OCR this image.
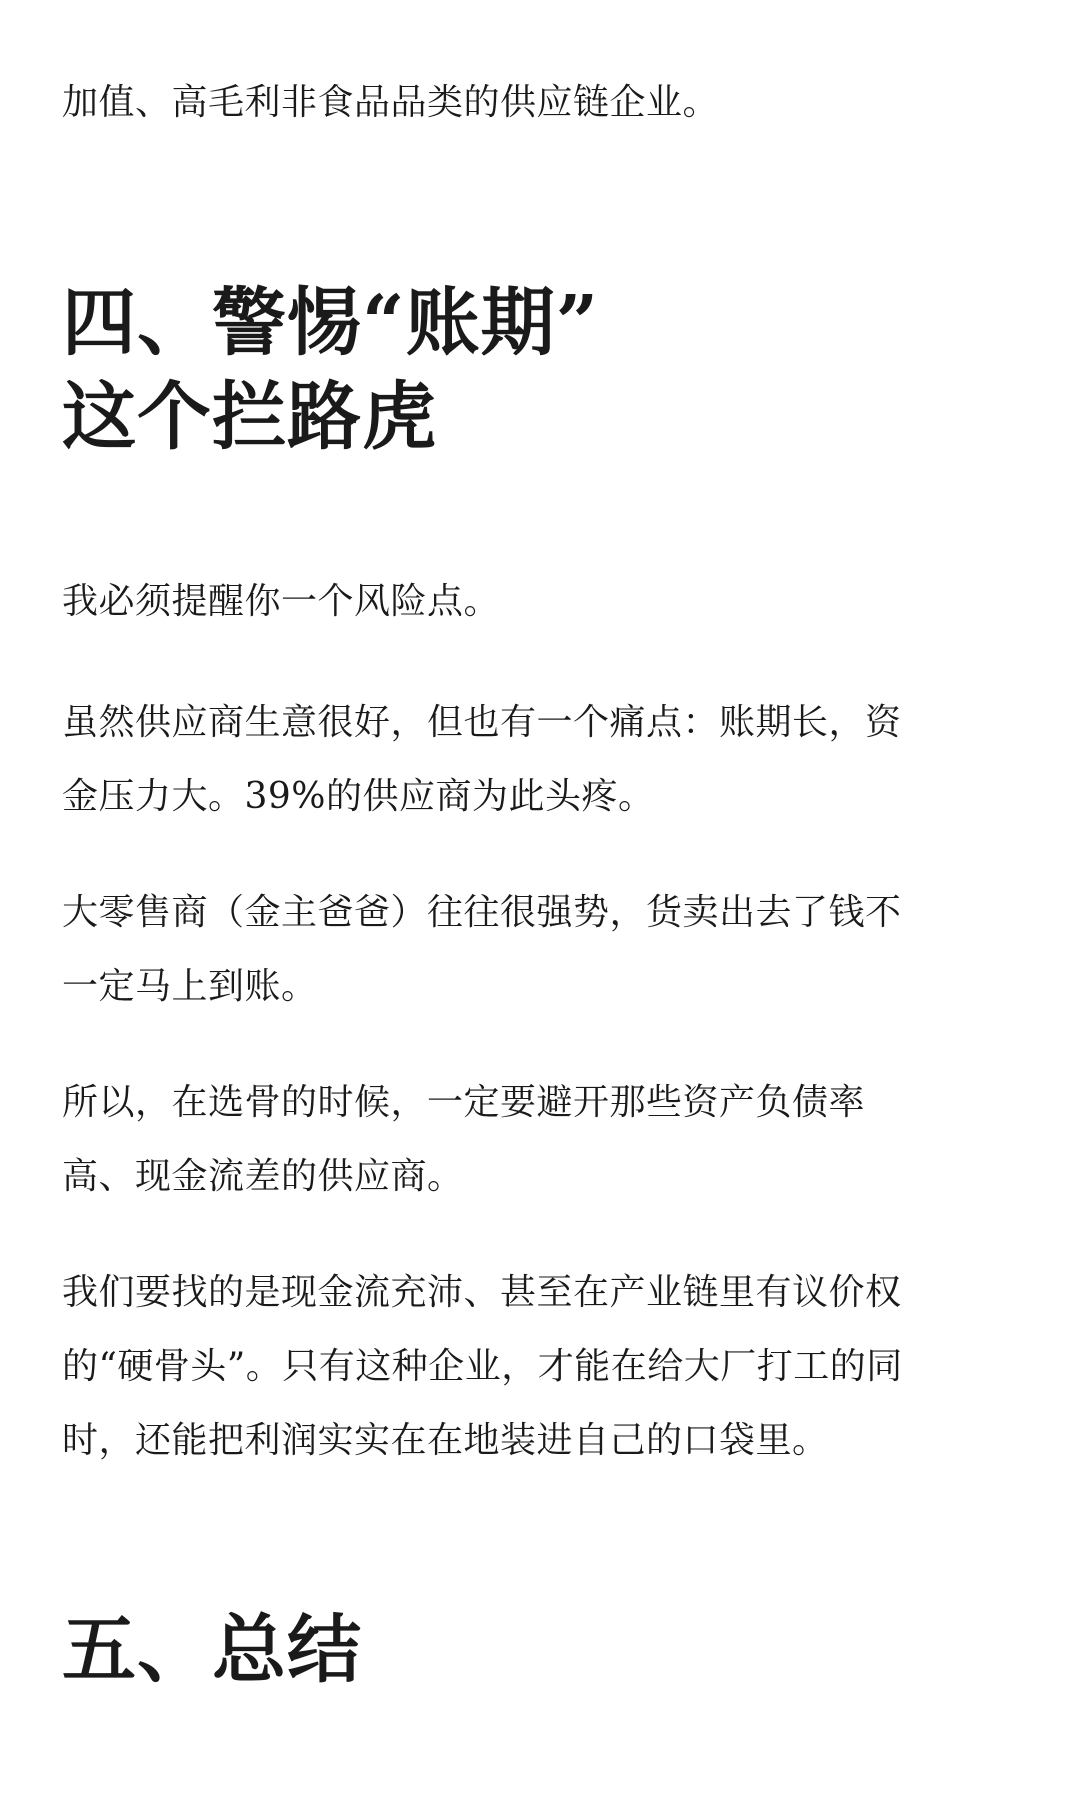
加值、高毛利非食品品类的供应链企业。

四、警惕“账期”
这个拦路虎

我必须提醒你一个风险点。

虽然供应商生意很好，但也有一个痛点：账期长，资
金压力大。39%的供应商为此头疼。

大零售商（金主爸爸）往往很强势，货卖出去了钱不
一定马上到账。

所以，在选骨的时候，一定要避开那些资产负债率
高、现金流差的供应商。

我们要找的是现金流充沛、甚至在产业链里有议价权
的“硬骨头”。只有这种企业，才能在给大厂打工的同
时，还能把利润实实在在地装进自己的口袋里。

五、总结
